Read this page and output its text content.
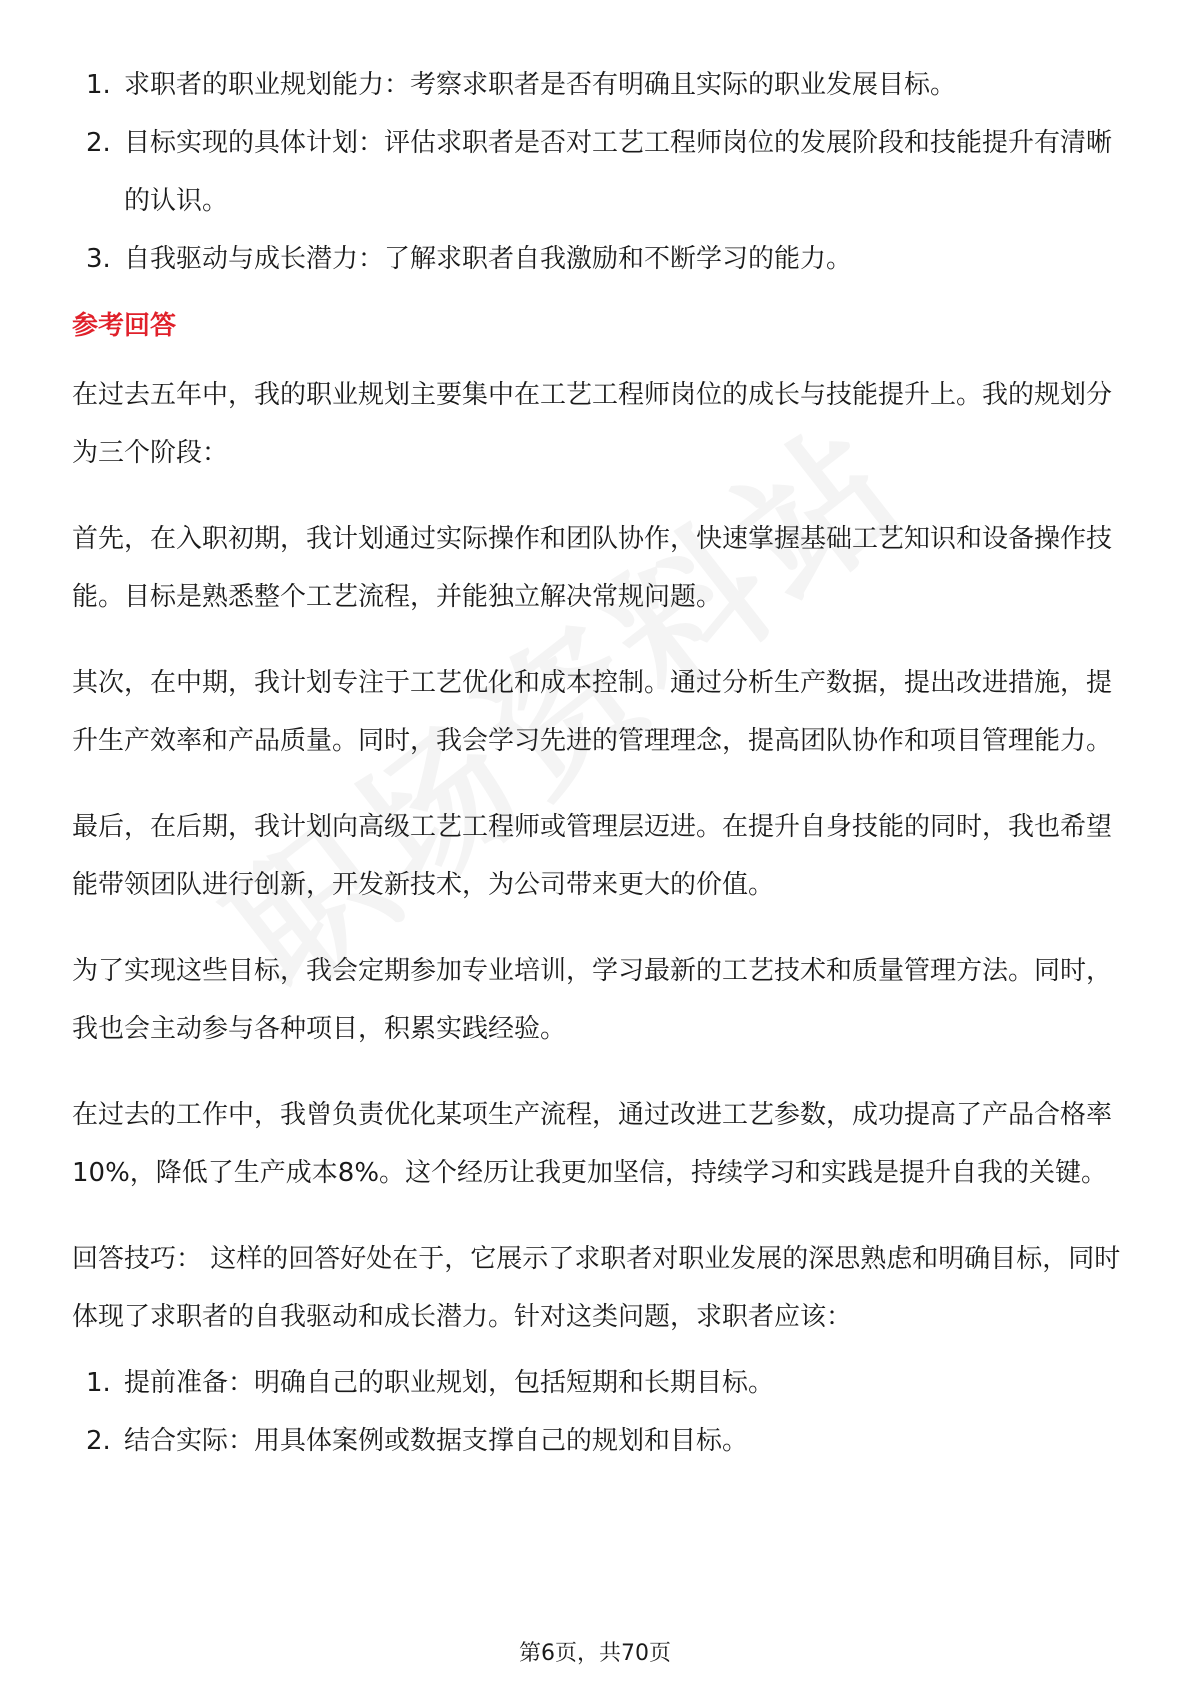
1. 求职者的职业规划能力：考察求职者是否有明确且实际的职业发展目标。
2. 目标实现的具体计划：评估求职者是否对工艺工程师岗位的发展阶段和技能提升有清晰的认识。
3. 自我驱动与成长潜力：了解求职者自我激励和不断学习的能力。
参考回答

在过去五年中，我的职业规划主要集中在工艺工程师岗位的成长与技能提升上。我的规划分为三个阶段：

首先，在入职初期，我计划通过实际操作和团队协作，快速掌握基础工艺知识和设备操作技能。目标是熟悉整个工艺流程，并能独立解决常规问题。

其次，在中期，我计划专注于工艺优化和成本控制。通过分析生产数据，提出改进措施，提升生产效率和产品质量。同时，我会学习先进的管理理念，提高团队协作和项目管理能力。

最后，在后期，我计划向高级工艺工程师或管理层迈进。在提升自身技能的同时，我也希望能带领团队进行创新，开发新技术，为公司带来更大的价值。

为了实现这些目标，我会定期参加专业培训，学习最新的工艺技术和质量管理方法。同时，我也会主动参与各种项目，积累实践经验。

在过去的工作中，我曾负责优化某项生产流程，通过改进工艺参数，成功提高了产品合格率10%，降低了生产成本8%。这个经历让我更加坚信，持续学习和实践是提升自我的关键。

回答技巧： 这样的回答好处在于，它展示了求职者对职业发展的深思熟虑和明确目标，同时体现了求职者的自我驱动和成长潜力。针对这类问题，求职者应该：

1. 提前准备：明确自己的职业规划，包括短期和长期目标。
2. 结合实际：用具体案例或数据支撑自己的规划和目标。
第6页，共70页
